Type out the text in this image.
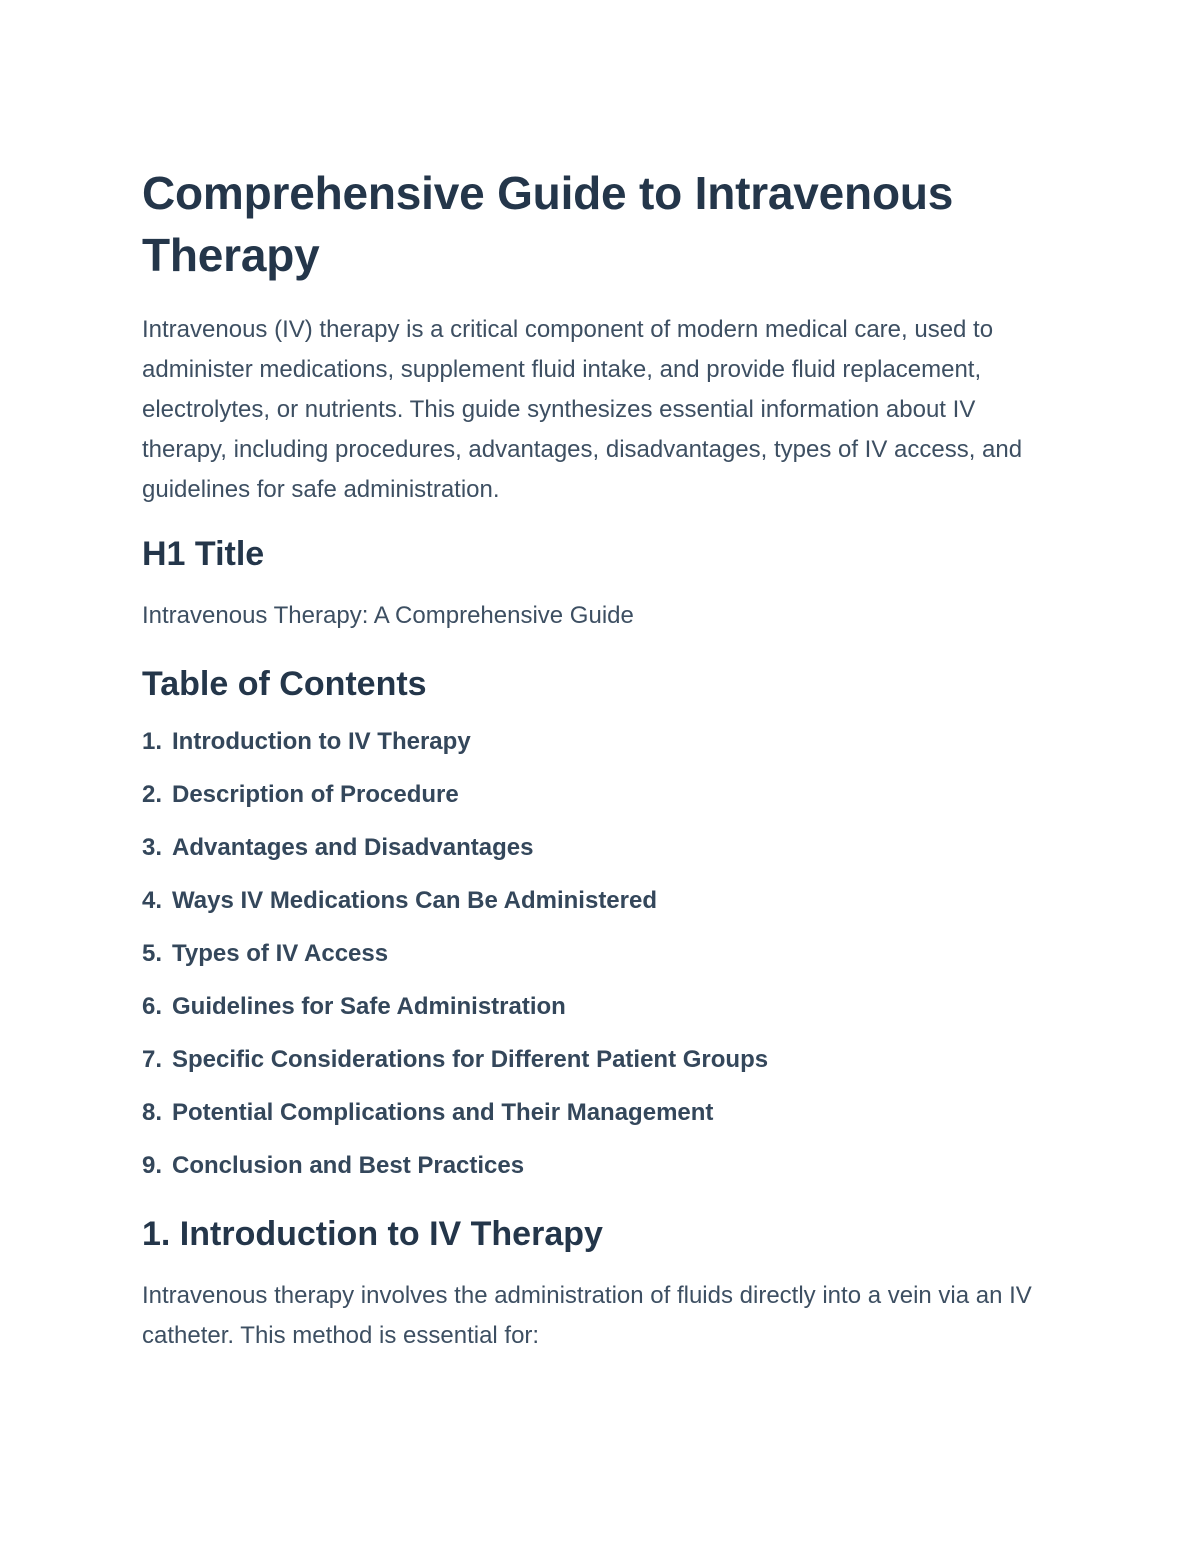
Comprehensive Guide to Intravenous Therapy

Intravenous (IV) therapy is a critical component of modern medical care, used to administer medications, supplement fluid intake, and provide fluid replacement, electrolytes, or nutrients. This guide synthesizes essential information about IV therapy, including procedures, advantages, disadvantages, types of IV access, and guidelines for safe administration.

H1 Title

Intravenous Therapy: A Comprehensive Guide

Table of Contents
1. Introduction to IV Therapy
2. Description of Procedure
3. Advantages and Disadvantages
4. Ways IV Medications Can Be Administered
5. Types of IV Access
6. Guidelines for Safe Administration
7. Specific Considerations for Different Patient Groups
8. Potential Complications and Their Management
9. Conclusion and Best Practices
1. Introduction to IV Therapy

Intravenous therapy involves the administration of fluids directly into a vein via an IV catheter. This method is essential for:
